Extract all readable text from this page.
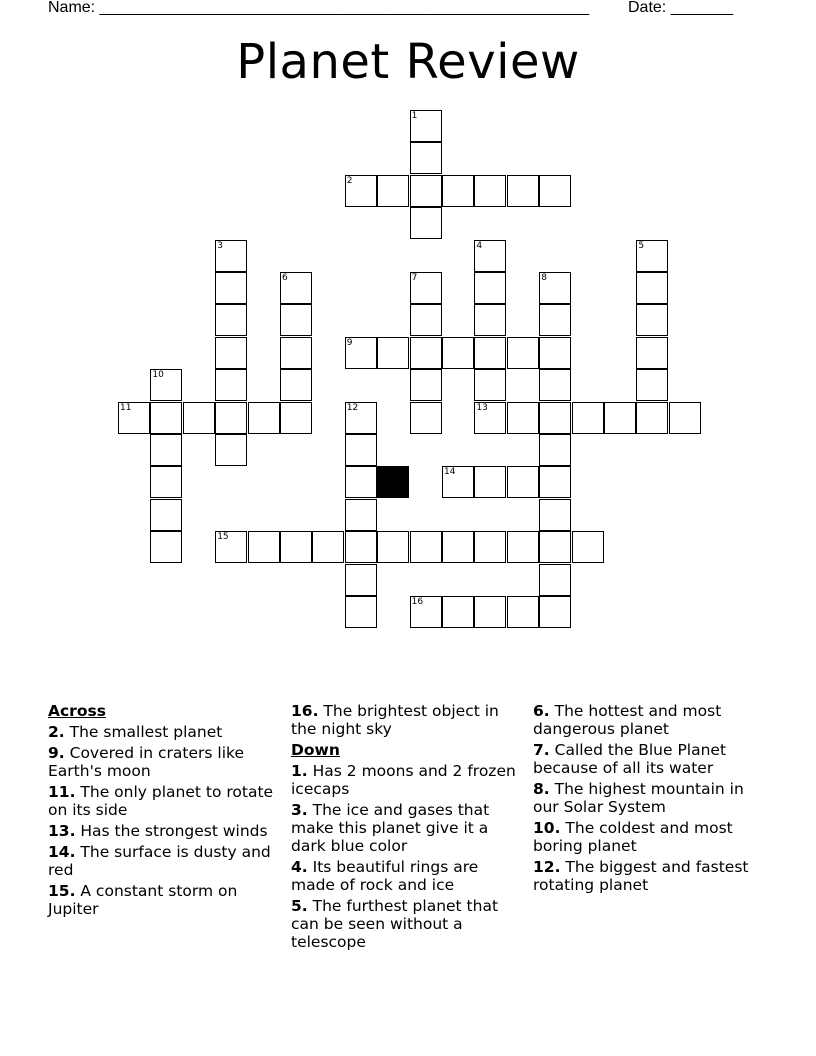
Name: _______________________________________________________ Date: _______
Planet Review
1
2
3	4
13
5
6	7	8
9
10
11	12
14
15
16
Across
2. The smallest planet
9. Covered in craters like Earth's moon
11. The only planet to rotate on its side
13. Has the strongest winds
14. The surface is dusty and red
15. A constant storm on Jupiter
16. The brightest object in the night sky
Down
1. Has 2 moons and 2 frozen icecaps
3. The ice and gases that make this planet give it a dark blue color
4. Its beautiful rings are made of rock and ice
5. The furthest planet that can be seen without a telescope
6. The hottest and most dangerous planet
7. Called the Blue Planet because of all its water
8. The highest mountain in our Solar System
10. The coldest and most boring planet
12. The biggest and fastest rotating planet
